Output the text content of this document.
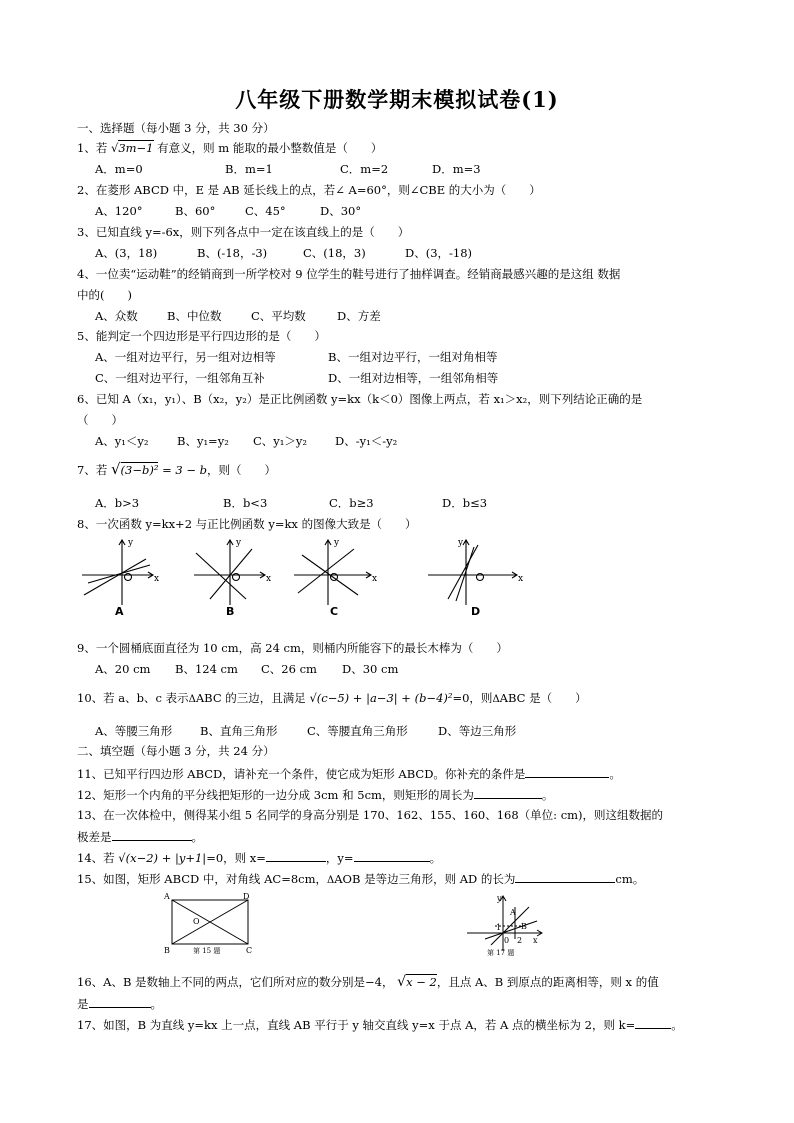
八年级下册数学期末模拟试卷(1)
一、选择题（每小题 3 分，共 30 分）
1、若 √3m−1 有意义，则 m 能取的最小整数值是（　　）
A．m=0	B．m=1	C．m=2	D．m=3
2、在菱形 ABCD 中，E 是 AB 延长线上的点，若∠ A=60°，则∠CBE 的大小为（　　）
A、120°	B、60°	C、45°	D、30°
3、已知直线 y=-6x，则下列各点中一定在该直线上的是（　　）
A、(3，18)	B、(-18，-3)	C、(18，3)	D、(3，-18)
4、一位卖“运动鞋”的经销商到一所学校对 9 位学生的鞋号进行了抽样调查。经销商最感兴趣的是这组 数据
中的(　　)
A、众数	B、中位数	C、平均数	D、方差
5、能判定一个四边形是平行四边形的是（　　）
A、一组对边平行，另一组对边相等	B、一组对边平行，一组对角相等
C、一组对边平行，一组邻角互补	D、一组对边相等，一组邻角相等
6、已知 A（x₁，y₁）、B（x₂，y₂）是正比例函数 y=kx（k＜0）图像上两点，若 x₁＞x₂，则下列结论正确的是
（　　）
A、y₁＜y₂ B、y₁=y₂ C、y₁＞y₂ D、-y₁＜-y₂
7、若 √(3−b)² = 3 − b，则（　　）
A．b>3	B．b<3	C．b≥3	D．b≤3
8、一次函数 y=kx+2 与正比例函数 y=kx 的图像大致是（　　）
y
x
y
x
y
x
y
x
A	B	C	D
9、一个圆桶底面直径为 10 cm，高 24 cm，则桶内所能容下的最长木棒为（　　）
A、20 cm B、124 cm C、26 cm D、30 cm
10、若 a、b、c 表示ΔABC 的三边，且满足 √(c−5) + |a−3| + (b−4)²=0，则ΔABC 是（　　）
A、等腰三角形 B、直角三角形	C、等腰直角三角形	D、等边三角形
二、填空题（每小题 3 分，共 24 分）
11、已知平行四边形 ABCD，请补充一个条件，使它成为矩形 ABCD。你补充的条件是	。
12、矩形一个内角的平分线把矩形的一边分成 3cm 和 5cm，则矩形的周长为	。
13、在一次体检中，侧得某小组 5 名同学的身高分别是 170、162、155、160、168（单位: cm)，则这组数据的
极差是	。
14、若 √(x−2) + |y+1|=0，则 x=	，y=	。
15、如图，矩形 ABCD 中，对角线 AC=8cm，ΔAOB 是等边三角形，则 AD 的长为	cm。
A	D
B	C
O
第 15 题
y
x
A
B
1
0 2
第 17 题
16、A、B 是数轴上不同的两点，它们所对应的数分别是−4， √x − 2，且点 A、B 到原点的距离相等，则 x 的值
是	。
17、如图，B 为直线 y=kx 上一点，直线 AB 平行于 y 轴交直线 y=x 于点 A，若 A 点的横坐标为 2，则 k=	。
